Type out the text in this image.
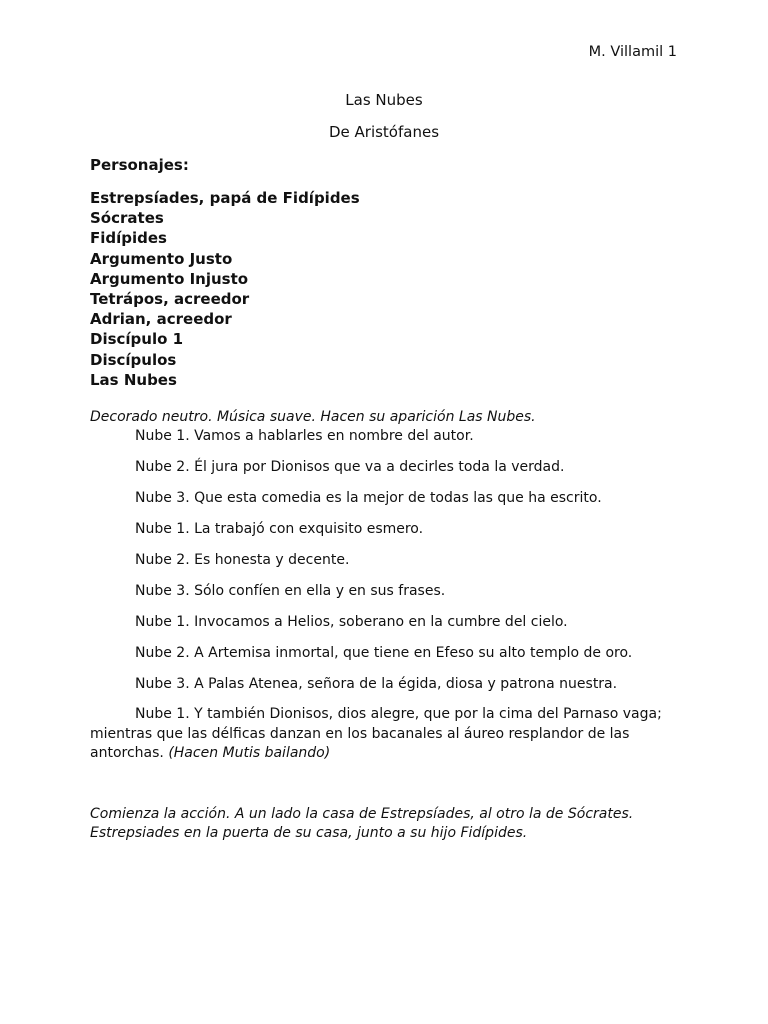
M. Villamil 1

Las Nubes

De Aristófanes

Personajes:

Estrepsíades, papá de Fidípides
Sócrates
Fidípides
Argumento Justo
Argumento Injusto
Tetrápos, acreedor
Adrian, acreedor
Discípulo 1
Discípulos
Las Nubes

Decorado neutro. Música suave. Hacen su aparición Las Nubes.

Nube 1. Vamos a hablarles en nombre del autor.

Nube 2. Él jura por Dionisos que va a decirles toda la verdad.

Nube 3. Que esta comedia es la mejor de todas las que ha escrito.

Nube 1. La trabajó con exquisito esmero.

Nube 2. Es honesta y decente.

Nube 3. Sólo confíen en ella y en sus frases.

Nube 1. Invocamos a Helios, soberano en la cumbre del cielo.

Nube 2. A Artemisa inmortal, que tiene en Efeso su alto templo de oro.

Nube 3. A Palas Atenea, señora de la égida, diosa y patrona nuestra.

Nube 1. Y también Dionisos, dios alegre, que por la cima del Parnaso vaga; mientras que las délficas danzan en los bacanales al áureo resplandor de las antorchas. (Hacen Mutis bailando)

Comienza la acción. A un lado la casa de Estrepsíades, al otro la de Sócrates. Estrepsiades en la puerta de su casa, junto a su hijo Fidípides.
